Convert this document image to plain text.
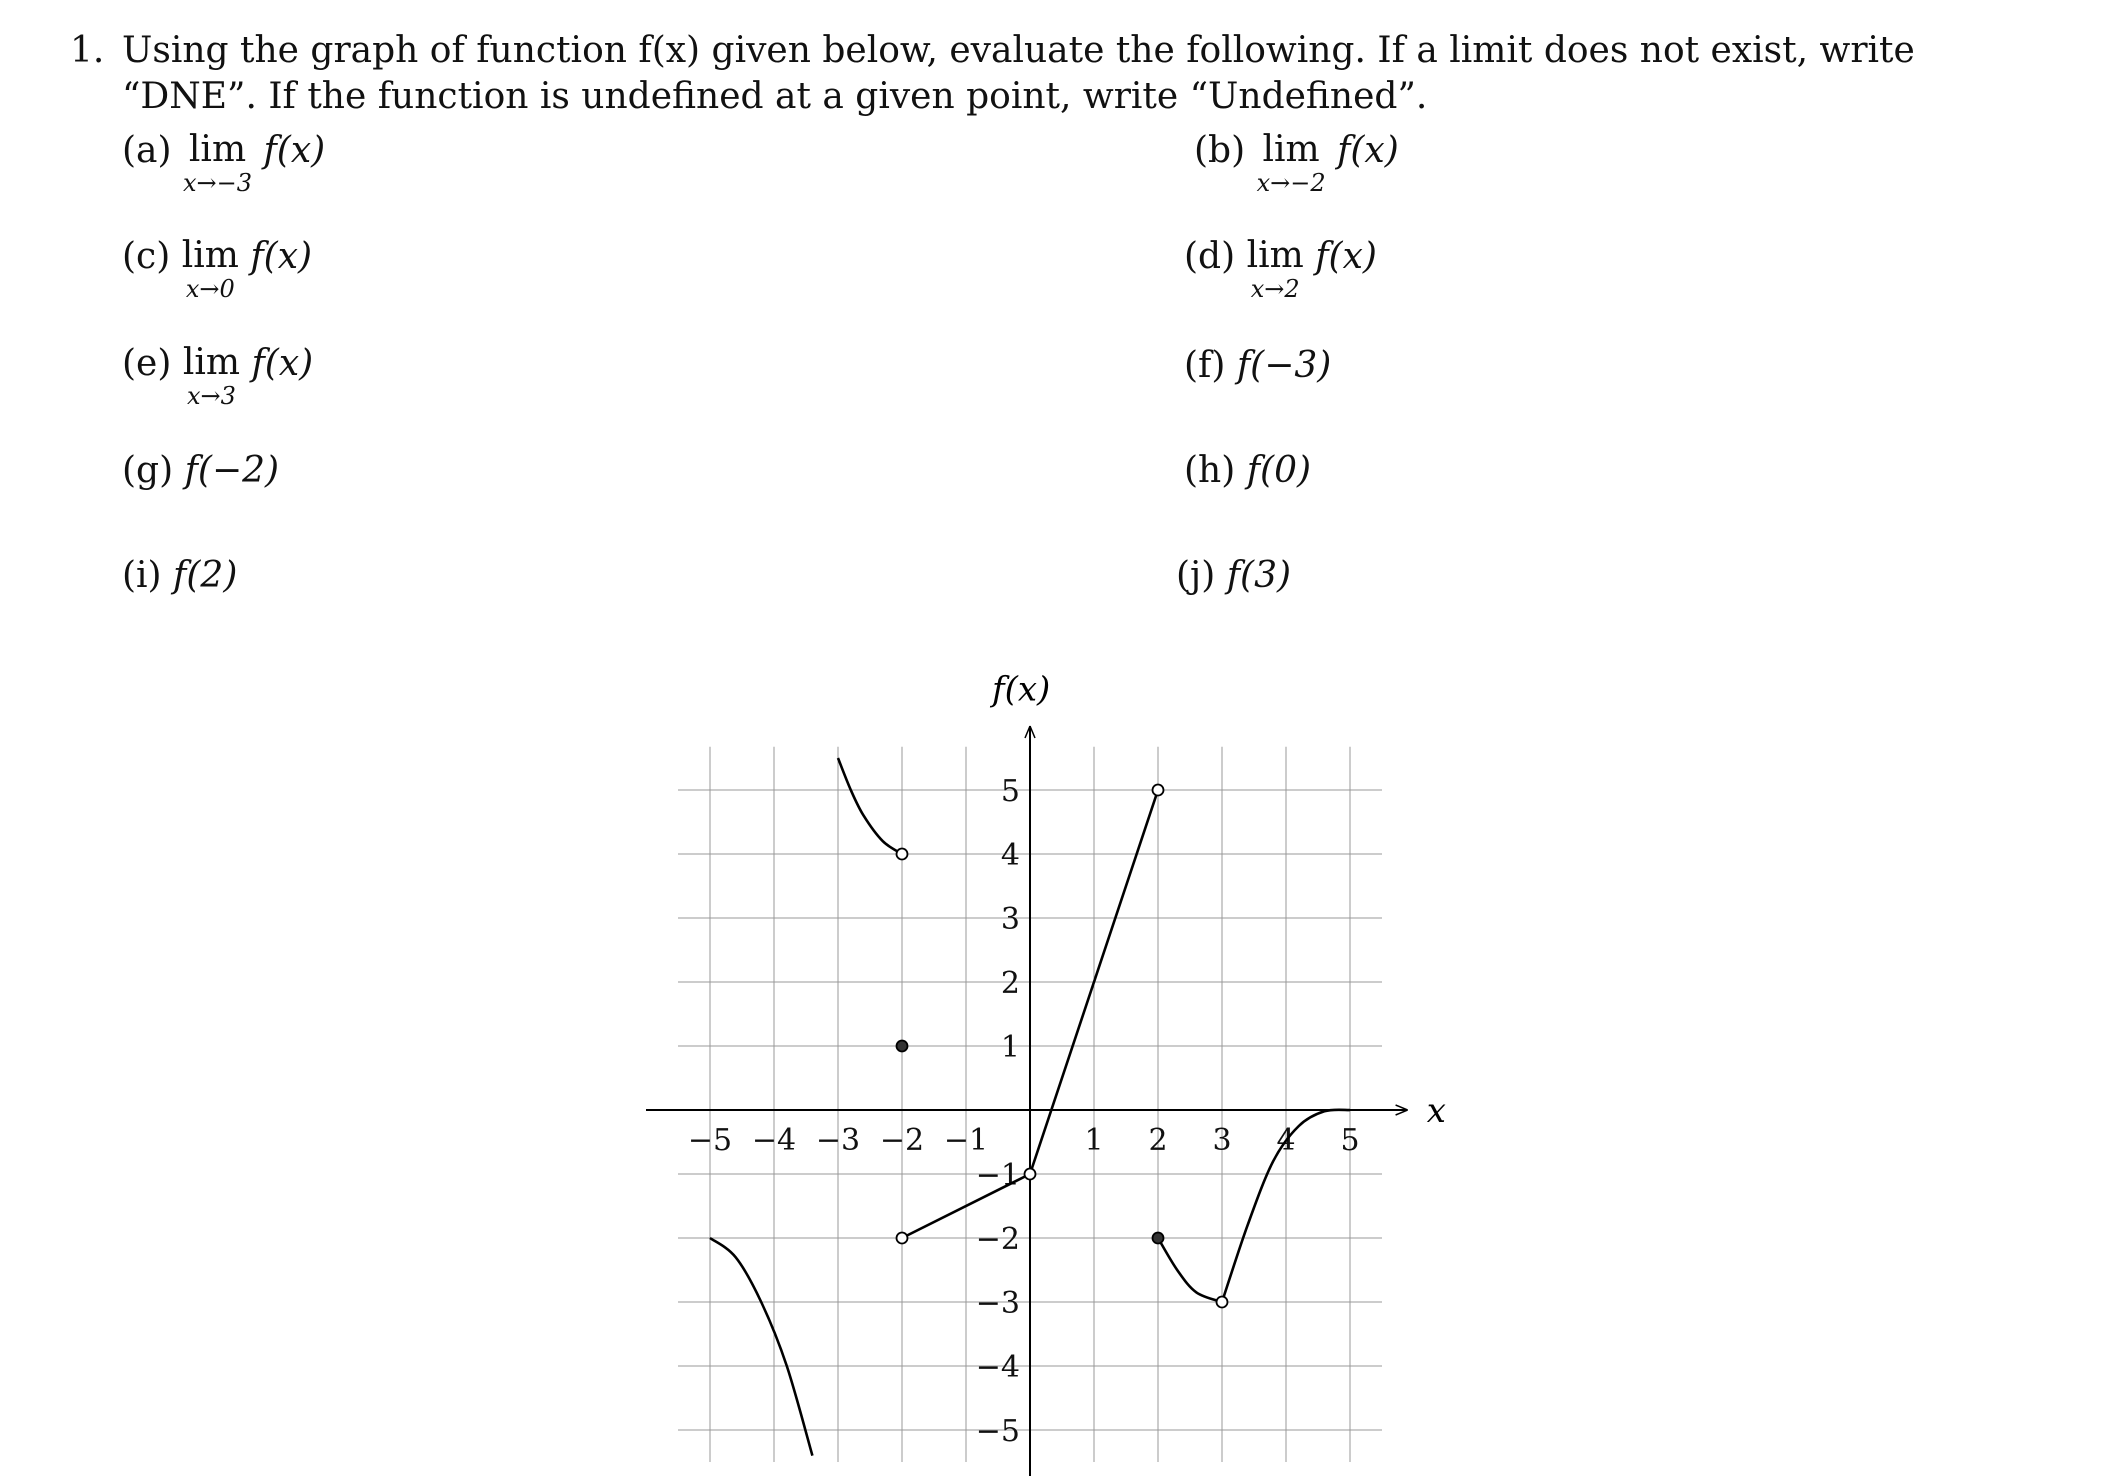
1. Using the graph of function f(x) given below, evaluate the following. If a limit does not exist, write “DNE”. If the function is undefined at a given point, write “Undefined”.
(a) lim
x→−3
f(x)	(b) lim
x→−2
f(x)
(c) lim
x→0
f(x)	(d) lim
x→2
f(x)
(e) lim
x→3
f(x)	(f) f(−3)
(g) f(−2)	(h) f(0)
(i) f(2)	(j) f(3)
x
f(x)
−5 −4 −3 −2 −1	1 2 3 4 5
5
4
3
2
1
−1
−2
−3
−4
−5
